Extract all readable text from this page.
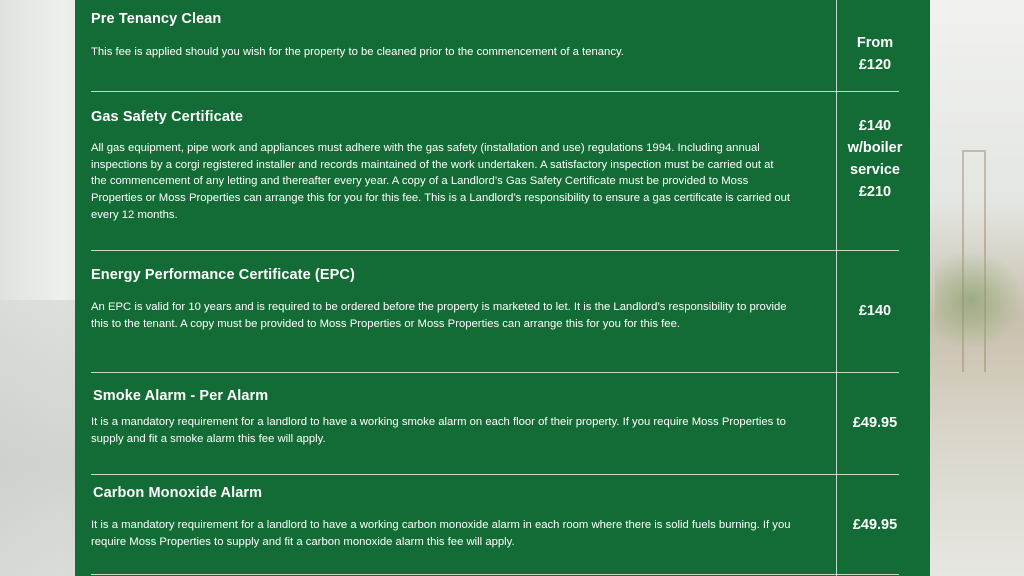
Pre Tenancy Clean
This fee is applied should you wish for the property to be cleaned prior to the commencement of a tenancy.
From
£120
Gas Safety Certificate
All gas equipment, pipe work and appliances must adhere with the gas safety (installation and use) regulations 1994. Including annual inspections by a corgi registered installer and records maintained of the work undertaken. A satisfactory inspection must be carried out at the commencement of any letting and thereafter every year. A copy of a Landlord’s Gas Safety Certificate must be provided to Moss Properties or Moss Properties can arrange this for you for this fee. This is a Landlord’s responsibility to ensure a gas certificate is carried out every 12 months.
£140
w/boiler
service
£210
Energy Performance Certificate (EPC)
An EPC is valid for 10 years and is required to be ordered before the property is marketed to let. It is the Landlord’s responsibility to provide this to the tenant. A copy must be provided to Moss Properties or Moss Properties can arrange this for you for this fee.
£140
Smoke Alarm - Per Alarm
It is a mandatory requirement for a landlord to have a working smoke alarm on each floor of their property. If you require Moss Properties to supply and fit a smoke alarm this fee will apply.
£49.95
Carbon Monoxide Alarm
It is a mandatory requirement for a landlord to have a working carbon monoxide alarm in each room where there is solid fuels burning. If you require Moss Properties to supply and fit a carbon monoxide alarm this fee will apply.
£49.95
